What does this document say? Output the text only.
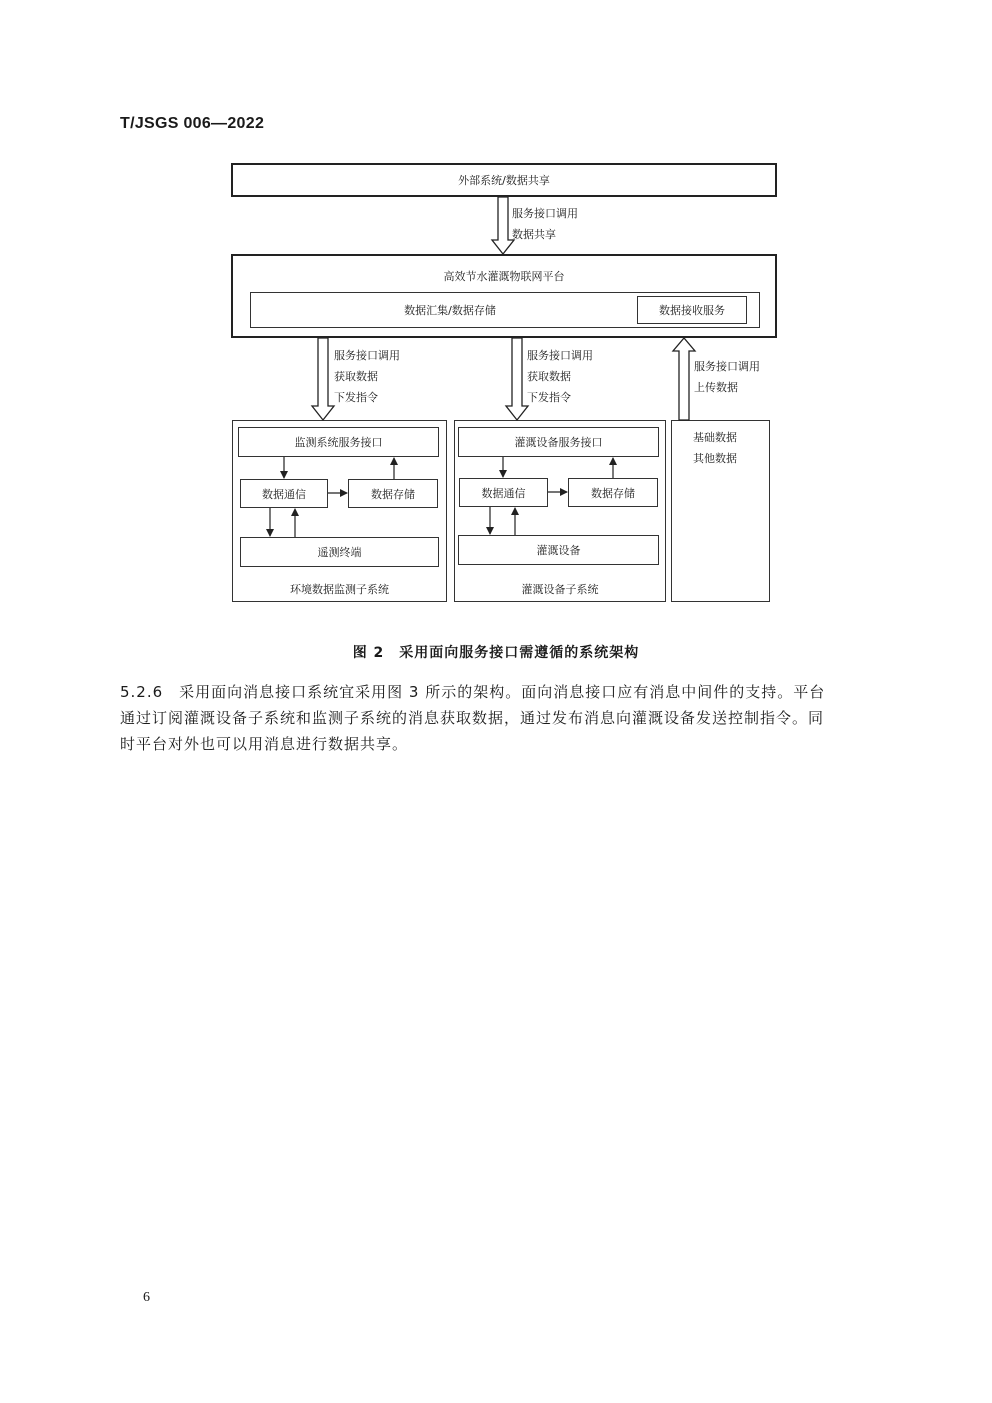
T/JSGS 006—2022
外部系统/数据共享
服务接口调用
数据共享
高效节水灌溉物联网平台
数据汇集/数据存储	数据接收服务
服务接口调用
获取数据
下发指令
服务接口调用
获取数据
下发指令
服务接口调用
上传数据
环境数据监测子系统
监测系统服务接口
数据通信	数据存储
遥测终端
灌溉设备子系统
灌溉设备服务接口
数据通信	数据存储
灌溉设备
基础数据
其他数据
图 2　采用面向服务接口需遵循的系统架构

5.2.6　采用面向消息接口系统宜采用图 3 所示的架构。面向消息接口应有消息中间件的支持。平台

通过订阅灌溉设备子系统和监测子系统的消息获取数据，通过发布消息向灌溉设备发送控制指令。同

时平台对外也可以用消息进行数据共享。

6
